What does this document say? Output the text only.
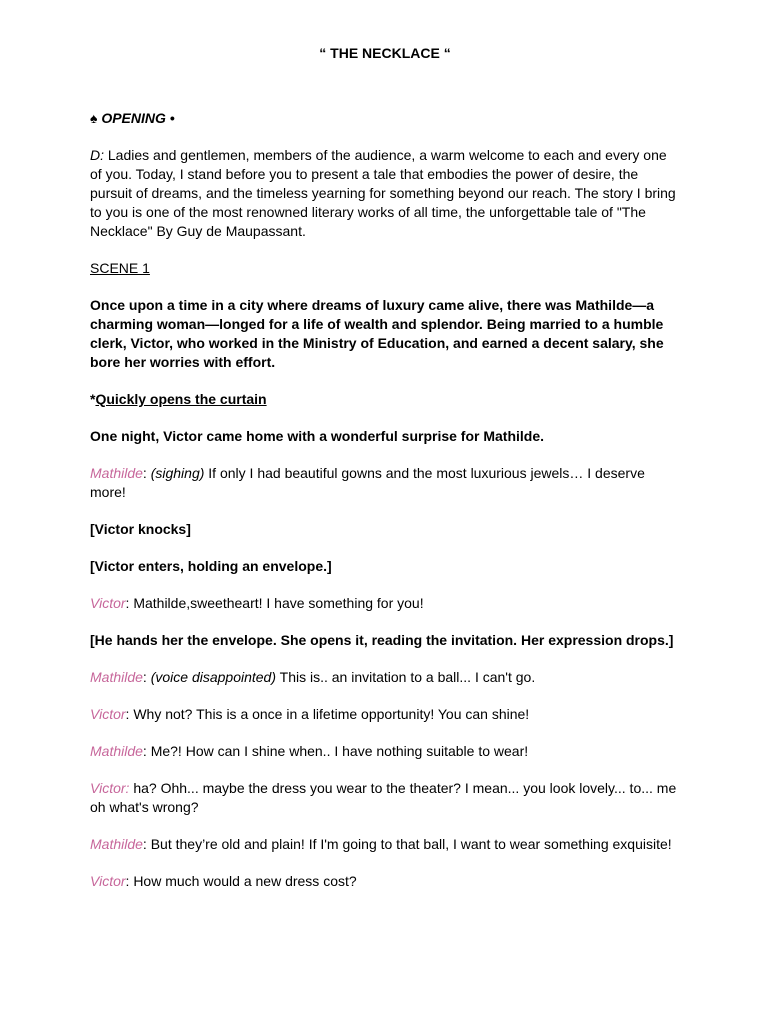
“ THE NECKLACE “

♠ OPENING •

D: Ladies and gentlemen, members of the audience, a warm welcome to each and every one of you. Today, I stand before you to present a tale that embodies the power of desire, the pursuit of dreams, and the timeless yearning for something beyond our reach. The story I bring to you is one of the most renowned literary works of all time, the unforgettable tale of "The Necklace" By Guy de Maupassant.

SCENE 1

Once upon a time in a city where dreams of luxury came alive, there was Mathilde—a charming woman—longed for a life of wealth and splendor. Being married to a humble clerk, Victor, who worked in the Ministry of Education, and earned a decent salary, she bore her worries with effort.

*Quickly opens the curtain

One night, Victor came home with a wonderful surprise for Mathilde.

Mathilde: (sighing) If only I had beautiful gowns and the most luxurious jewels… I deserve more!

[Victor knocks]

[Victor enters, holding an envelope.]

Victor: Mathilde,sweetheart! I have something for you!

[He hands her the envelope. She opens it, reading the invitation. Her expression drops.]

Mathilde: (voice disappointed) This is.. an invitation to a ball... I can't go.

Victor: Why not? This is a once in a lifetime opportunity! You can shine!

Mathilde: Me?! How can I shine when.. I have nothing suitable to wear!

Victor: ha? Ohh... maybe the dress you wear to the theater? I mean... you look lovely... to... me oh what's wrong?

Mathilde: But they’re old and plain! If I'm going to that ball, I want to wear something exquisite!

Victor: How much would a new dress cost?
